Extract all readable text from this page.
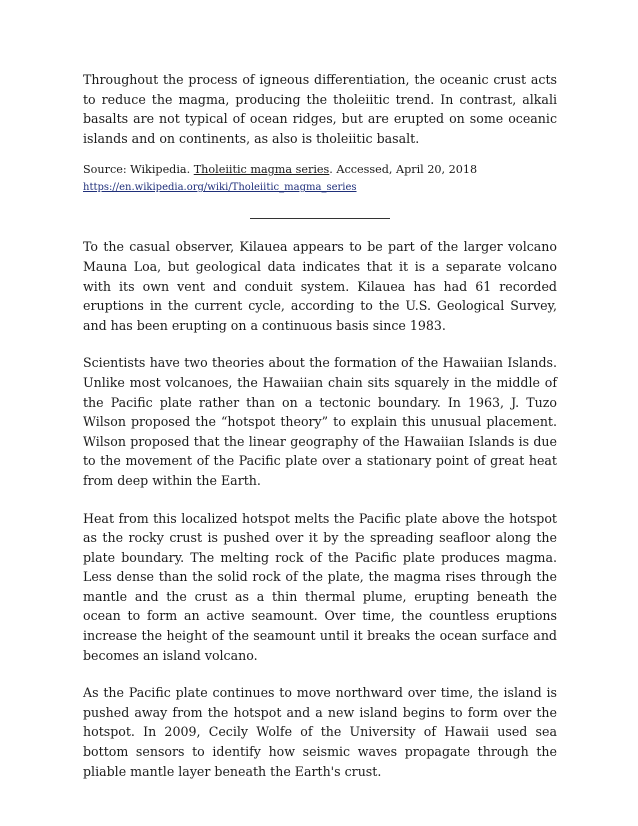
Throughout the process of igneous differentiation, the oceanic crust acts to reduce the magma, producing the tholeiitic trend. In contrast, alkali basalts are not typical of ocean ridges, but are erupted on some oceanic islands and on continents, as also is tholeiitic basalt.

Source: Wikipedia. Tholeiitic magma series. Accessed, April 20, 2018
https://en.wikipedia.org/wiki/Tholeiitic_magma_series

To the casual observer, Kilauea appears to be part of the larger volcano Mauna Loa, but geological data indicates that it is a separate volcano with its own vent and conduit system. Kilauea has had 61 recorded eruptions in the current cycle, according to the U.S. Geological Survey, and has been erupting on a continuous basis since 1983.

Scientists have two theories about the formation of the Hawaiian Islands. Unlike most volcanoes, the Hawaiian chain sits squarely in the middle of the Pacific plate rather than on a tectonic boundary. In 1963, J. Tuzo Wilson proposed the “hotspot theory” to explain this unusual placement. Wilson proposed that the linear geography of the Hawaiian Islands is due to the movement of the Pacific plate over a stationary point of great heat from deep within the Earth.

Heat from this localized hotspot melts the Pacific plate above the hotspot as the rocky crust is pushed over it by the spreading seafloor along the plate boundary. The melting rock of the Pacific plate produces magma. Less dense than the solid rock of the plate, the magma rises through the mantle and the crust as a thin thermal plume, erupting beneath the ocean to form an active seamount. Over time, the countless eruptions increase the height of the seamount until it breaks the ocean surface and becomes an island volcano.

As the Pacific plate continues to move northward over time, the island is pushed away from the hotspot and a new island begins to form over the hotspot. In 2009, Cecily Wolfe of the University of Hawaii used sea bottom sensors to identify how seismic waves propagate through the pliable mantle layer beneath the Earth's crust.
